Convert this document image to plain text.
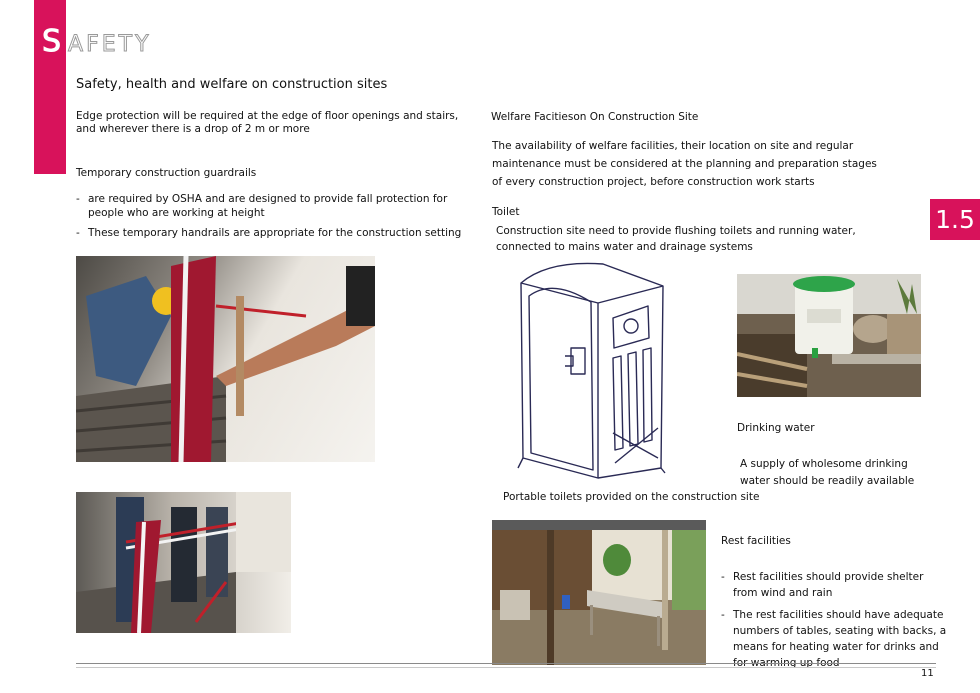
S AFETY
1.5
Safety, health and welfare on construction sites
Edge protection will be required at the edge of floor openings and stairs, and wherever there is a drop of 2 m or more
Temporary construction guardrails
- are required by OSHA and are designed to provide fall protection for people who are working at height
- These temporary handrails are appropriate for the construction setting
Welfare Facitieson On Construction Site
The availability of welfare facilities, their location on site and regular maintenance must be considered at the planning and preparation stages of every construction project, before construction work starts
Toilet
Construction site need to provide flushing toilets and running water, connected to mains water and drainage systems
Portable toilets provided on the construction site
Drinking water
A supply of wholesome drinking water should be readily available
Rest facilities
- Rest facilities should provide shelter from wind and rain
- The rest facilities should have adequate numbers of tables, seating with backs, a means for heating water for drinks and for warming up food
11
